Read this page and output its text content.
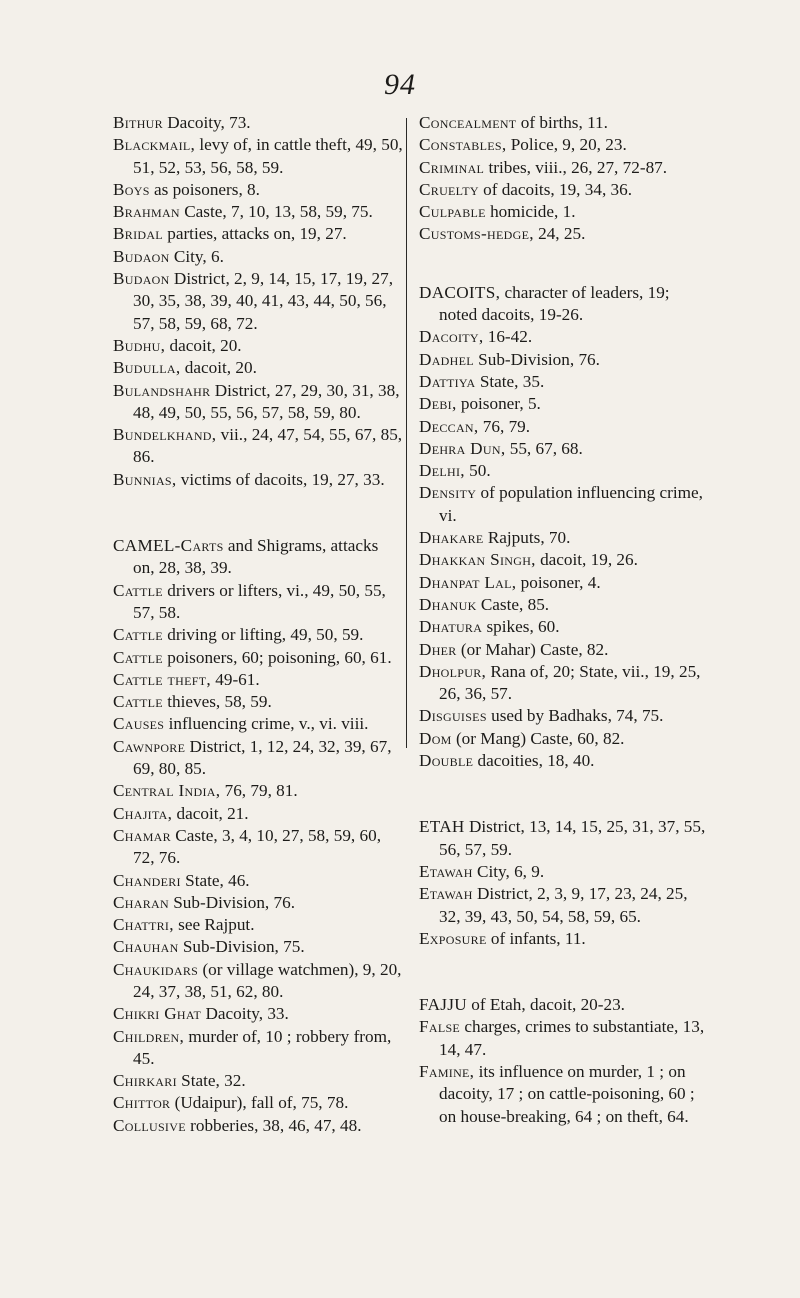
94
Bithur Dacoity, 73.
Blackmail, levy of, in cattle theft, 49, 50, 51, 52, 53, 56, 58, 59.
Boys as poisoners, 8.
Brahman Caste, 7, 10, 13, 58, 59, 75.
Bridal parties, attacks on, 19, 27.
Budaon City, 6.
Budaon District, 2, 9, 14, 15, 17, 19, 27, 30, 35, 38, 39, 40, 41, 43, 44, 50, 56, 57, 58, 59, 68, 72.
Budhu, dacoit, 20.
Budulla, dacoit, 20.
Bulandshahr District, 27, 29, 30, 31, 38, 48, 49, 50, 55, 56, 57, 58, 59, 80.
Bundelkhand, vii., 24, 47, 54, 55, 67, 85, 86.
Bunnias, victims of dacoits, 19, 27, 33.
CAMEL-Carts and Shigrams, attacks on, 28, 38, 39.
Cattle drivers or lifters, vi., 49, 50, 55, 57, 58.
Cattle driving or lifting, 49, 50, 59.
Cattle poisoners, 60; poisoning, 60, 61.
Cattle theft, 49-61.
Cattle thieves, 58, 59.
Causes influencing crime, v., vi. viii.
Cawnpore District, 1, 12, 24, 32, 39, 67, 69, 80, 85.
Central India, 76, 79, 81.
Chajita, dacoit, 21.
Chamar Caste, 3, 4, 10, 27, 58, 59, 60, 72, 76.
Chanderi State, 46.
Charan Sub-Division, 76.
Chattri, see Rajput.
Chauhan Sub-Division, 75.
Chaukidars (or village watchmen), 9, 20, 24, 37, 38, 51, 62, 80.
Chikri Ghat Dacoity, 33.
Children, murder of, 10 ; robbery from, 45.
Chirkari State, 32.
Chittor (Udaipur), fall of, 75, 78.
Collusive robberies, 38, 46, 47, 48.
Concealment of births, 11.
Constables, Police, 9, 20, 23.
Criminal tribes, viii., 26, 27, 72-87.
Cruelty of dacoits, 19, 34, 36.
Culpable homicide, 1.
Customs-hedge, 24, 25.
DACOITS, character of leaders, 19; noted dacoits, 19-26.
Dacoity, 16-42.
Dadhel Sub-Division, 76.
Dattiya State, 35.
Debi, poisoner, 5.
Deccan, 76, 79.
Dehra Dun, 55, 67, 68.
Delhi, 50.
Density of population influencing crime, vi.
Dhakare Rajputs, 70.
Dhakkan Singh, dacoit, 19, 26.
Dhanpat Lal, poisoner, 4.
Dhanuk Caste, 85.
Dhatura spikes, 60.
Dher (or Mahar) Caste, 82.
Dholpur, Rana of, 20; State, vii., 19, 25, 26, 36, 57.
Disguises used by Badhaks, 74, 75.
Dom (or Mang) Caste, 60, 82.
Double dacoities, 18, 40.
ETAH District, 13, 14, 15, 25, 31, 37, 55, 56, 57, 59.
Etawah City, 6, 9.
Etawah District, 2, 3, 9, 17, 23, 24, 25, 32, 39, 43, 50, 54, 58, 59, 65.
Exposure of infants, 11.
FAJJU of Etah, dacoit, 20-23.
False charges, crimes to substantiate, 13, 14, 47.
Famine, its influence on murder, 1 ; on dacoity, 17 ; on cattle-poisoning, 60 ; on house-breaking, 64 ; on theft, 64.
